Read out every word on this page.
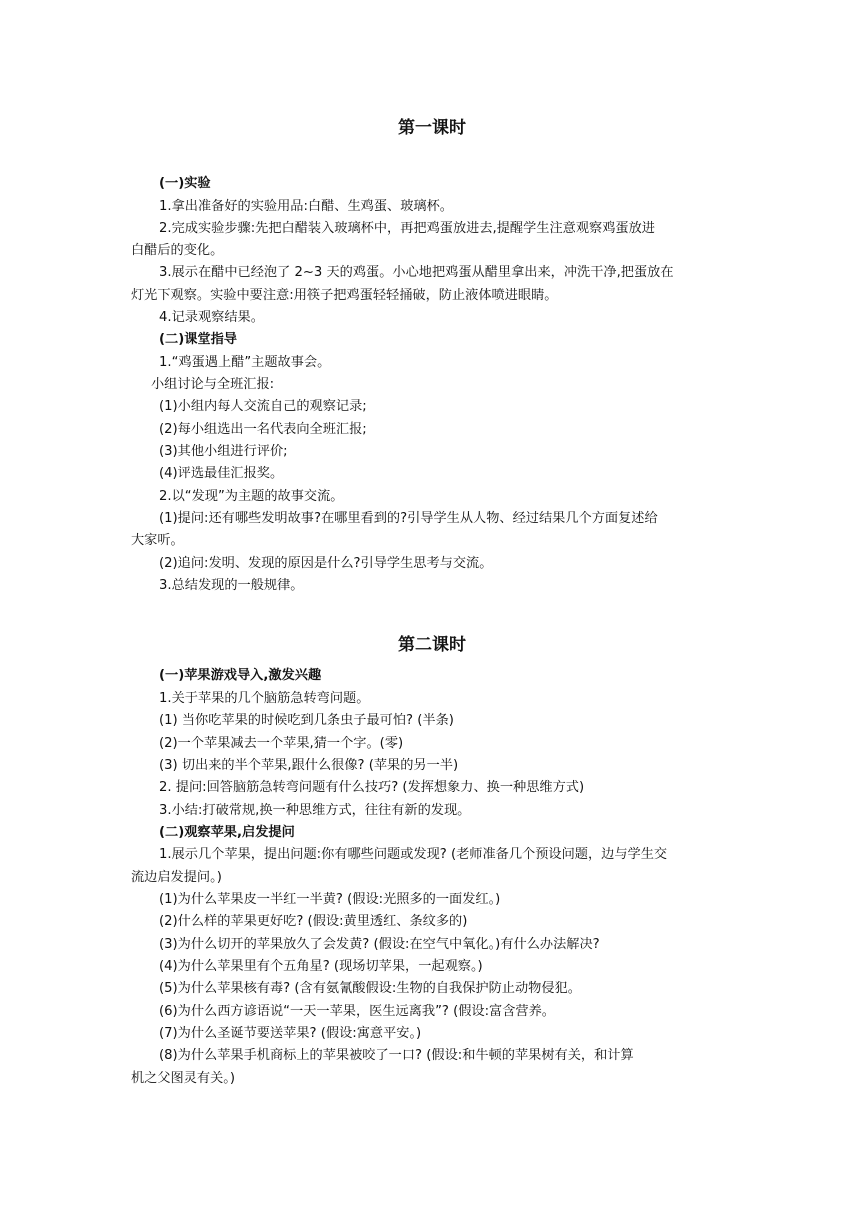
第一课时
(一)实验
1.拿出准备好的实验用品:白醋、生鸡蛋、玻璃杯。
2.完成实验步骤:先把白醋装入玻璃杯中，再把鸡蛋放进去,提醒学生注意观察鸡蛋放进
白醋后的变化。
3.展示在醋中已经泡了 2~3 天的鸡蛋。小心地把鸡蛋从醋里拿出来，冲洗干净,把蛋放在
灯光下观察。实验中要注意:用筷子把鸡蛋轻轻捅破，防止液体喷进眼睛。
4.记录观察结果。
(二)课堂指导
1.“鸡蛋遇上醋”主题故事会。
小组讨论与全班汇报:
(1)小组内每人交流自己的观察记录;
(2)每小组选出一名代表向全班汇报;
(3)其他小组进行评价;
(4)评选最佳汇报奖。
2.以“发现”为主题的故事交流。
(1)提问:还有哪些发明故事?在哪里看到的?引导学生从人物、经过结果几个方面复述给
大家听。
(2)追问:发明、发现的原因是什么?引导学生思考与交流。
3.总结发现的一般规律。
第二课时
(一)苹果游戏导入,激发兴趣
1.关于苹果的几个脑筋急转弯问题。
(1) 当你吃苹果的时候吃到几条虫子最可怕? (半条)
(2)一个苹果减去一个苹果,猜一个字。(零)
(3) 切出来的半个苹果,跟什么很像? (苹果的另一半)
2. 提问:回答脑筋急转弯问题有什么技巧? (发挥想象力、换一种思维方式)
3.小结:打破常规,换一种思维方式，往往有新的发现。
(二)观察苹果,启发提问
1.展示几个苹果，提出问题:你有哪些问题或发现? (老师准备几个预设问题，边与学生交
流边启发提问。)
(1)为什么苹果皮一半红一半黄? (假设:光照多的一面发红。)
(2)什么样的苹果更好吃? (假设:黄里透红、条纹多的)
(3)为什么切开的苹果放久了会发黄? (假设:在空气中氧化。)有什么办法解决?
(4)为什么苹果里有个五角星? (现场切苹果，一起观察。)
(5)为什么苹果核有毒? (含有氨氰酸假设:生物的自我保护防止动物侵犯。
(6)为什么西方谚语说“一天一苹果，医生远离我”? (假设:富含营养。
(7)为什么圣诞节要送苹果? (假设:寓意平安。)
(8)为什么苹果手机商标上的苹果被咬了一口? (假设:和牛顿的苹果树有关，和计算
机之父图灵有关。)
